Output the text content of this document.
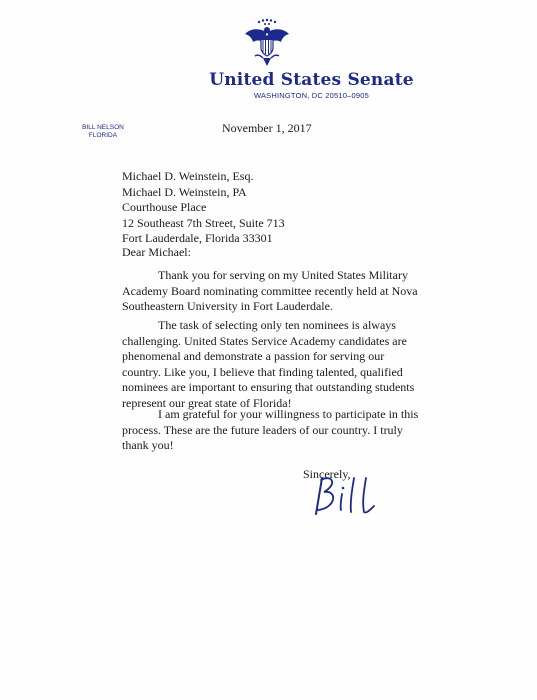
United States Senate
WASHINGTON, DC 20510–0905
BILL NELSON
FLORIDA
November 1, 2017
Michael D. Weinstein, Esq.
Michael D. Weinstein, PA
Courthouse Place
12 Southeast 7th Street, Suite 713
Fort Lauderdale, Florida 33301
Dear Michael:

Thank you for serving on my United States Military Academy Board nominating committee recently held at Nova Southeastern University in Fort Lauderdale.

The task of selecting only ten nominees is always challenging. United States Service Academy candidates are phenomenal and demonstrate a passion for serving our country. Like you, I believe that finding talented, qualified nominees are important to ensuring that outstanding students represent our great state of Florida!

I am grateful for your willingness to participate in this process. These are the future leaders of our country. I truly thank you!

Sincerely,
